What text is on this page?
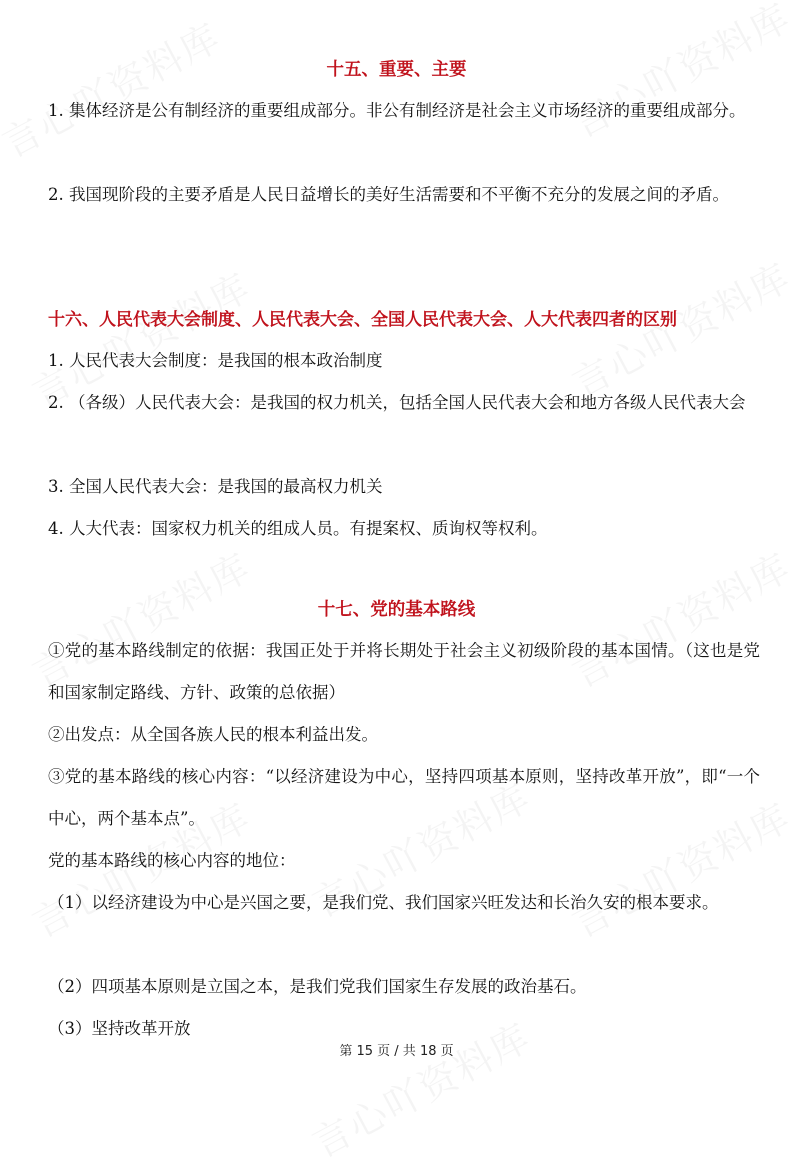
十五、重要、主要
1. 集体经济是公有制经济的重要组成部分。非公有制经济是社会主义市场经济的重要组成部分。
2. 我国现阶段的主要矛盾是人民日益增长的美好生活需要和不平衡不充分的发展之间的矛盾。
十六、人民代表大会制度、人民代表大会、全国人民代表大会、人大代表四者的区别
1. 人民代表大会制度：是我国的根本政治制度
2. （各级）人民代表大会：是我国的权力机关，包括全国人民代表大会和地方各级人民代表大会
3. 全国人民代表大会：是我国的最高权力机关
4. 人大代表：国家权力机关的组成人员。有提案权、质询权等权利。
十七、党的基本路线
①党的基本路线制定的依据：我国正处于并将长期处于社会主义初级阶段的基本国情。（这也是党和国家制定路线、方针、政策的总依据）
②出发点：从全国各族人民的根本利益出发。
③党的基本路线的核心内容：“以经济建设为中心，坚持四项基本原则，坚持改革开放”，即“一个中心，两个基本点”。
党的基本路线的核心内容的地位：
（1）以经济建设为中心是兴国之要，是我们党、我们国家兴旺发达和长治久安的根本要求。
（2）四项基本原则是立国之本，是我们党我们国家生存发展的政治基石。
（3）坚持改革开放
第 15 页 / 共 18 页
